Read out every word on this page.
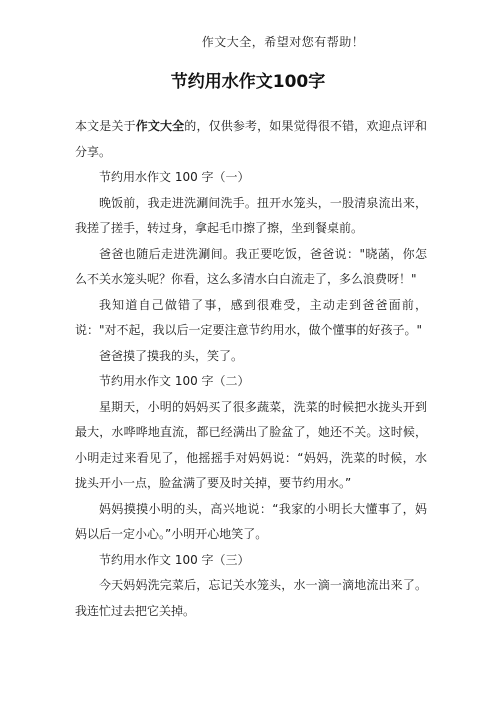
作文大全，希望对您有帮助！
节约用水作文100字

本文是关于作文大全的，仅供参考，如果觉得很不错，欢迎点评和分享。

节约用水作文 100 字（一）

晚饭前，我走进洗涮间洗手。扭开水笼头，一股清泉流出来，我搓了搓手，转过身，拿起毛巾擦了擦，坐到餐桌前。

爸爸也随后走进洗涮间。我正要吃饭，爸爸说："晓菡，你怎么不关水笼头呢？你看，这么多清水白白流走了，多么浪费呀！"

我知道自己做错了事，感到很难受，主动走到爸爸面前，说："对不起，我以后一定要注意节约用水，做个懂事的好孩子。"

爸爸摸了摸我的头，笑了。

节约用水作文 100 字（二）

星期天，小明的妈妈买了很多蔬菜，洗菜的时候把水拢头开到最大，水哗哗地直流，都已经满出了脸盆了，她还不关。这时候，小明走过来看见了，他摇摇手对妈妈说：“妈妈，洗菜的时候，水拢头开小一点，脸盆满了要及时关掉，要节约用水。”

妈妈摸摸小明的头，高兴地说：“我家的小明长大懂事了，妈妈以后一定小心。”小明开心地笑了。

节约用水作文 100 字（三）

今天妈妈洗完菜后，忘记关水笼头，水一滴一滴地流出来了。我连忙过去把它关掉。
